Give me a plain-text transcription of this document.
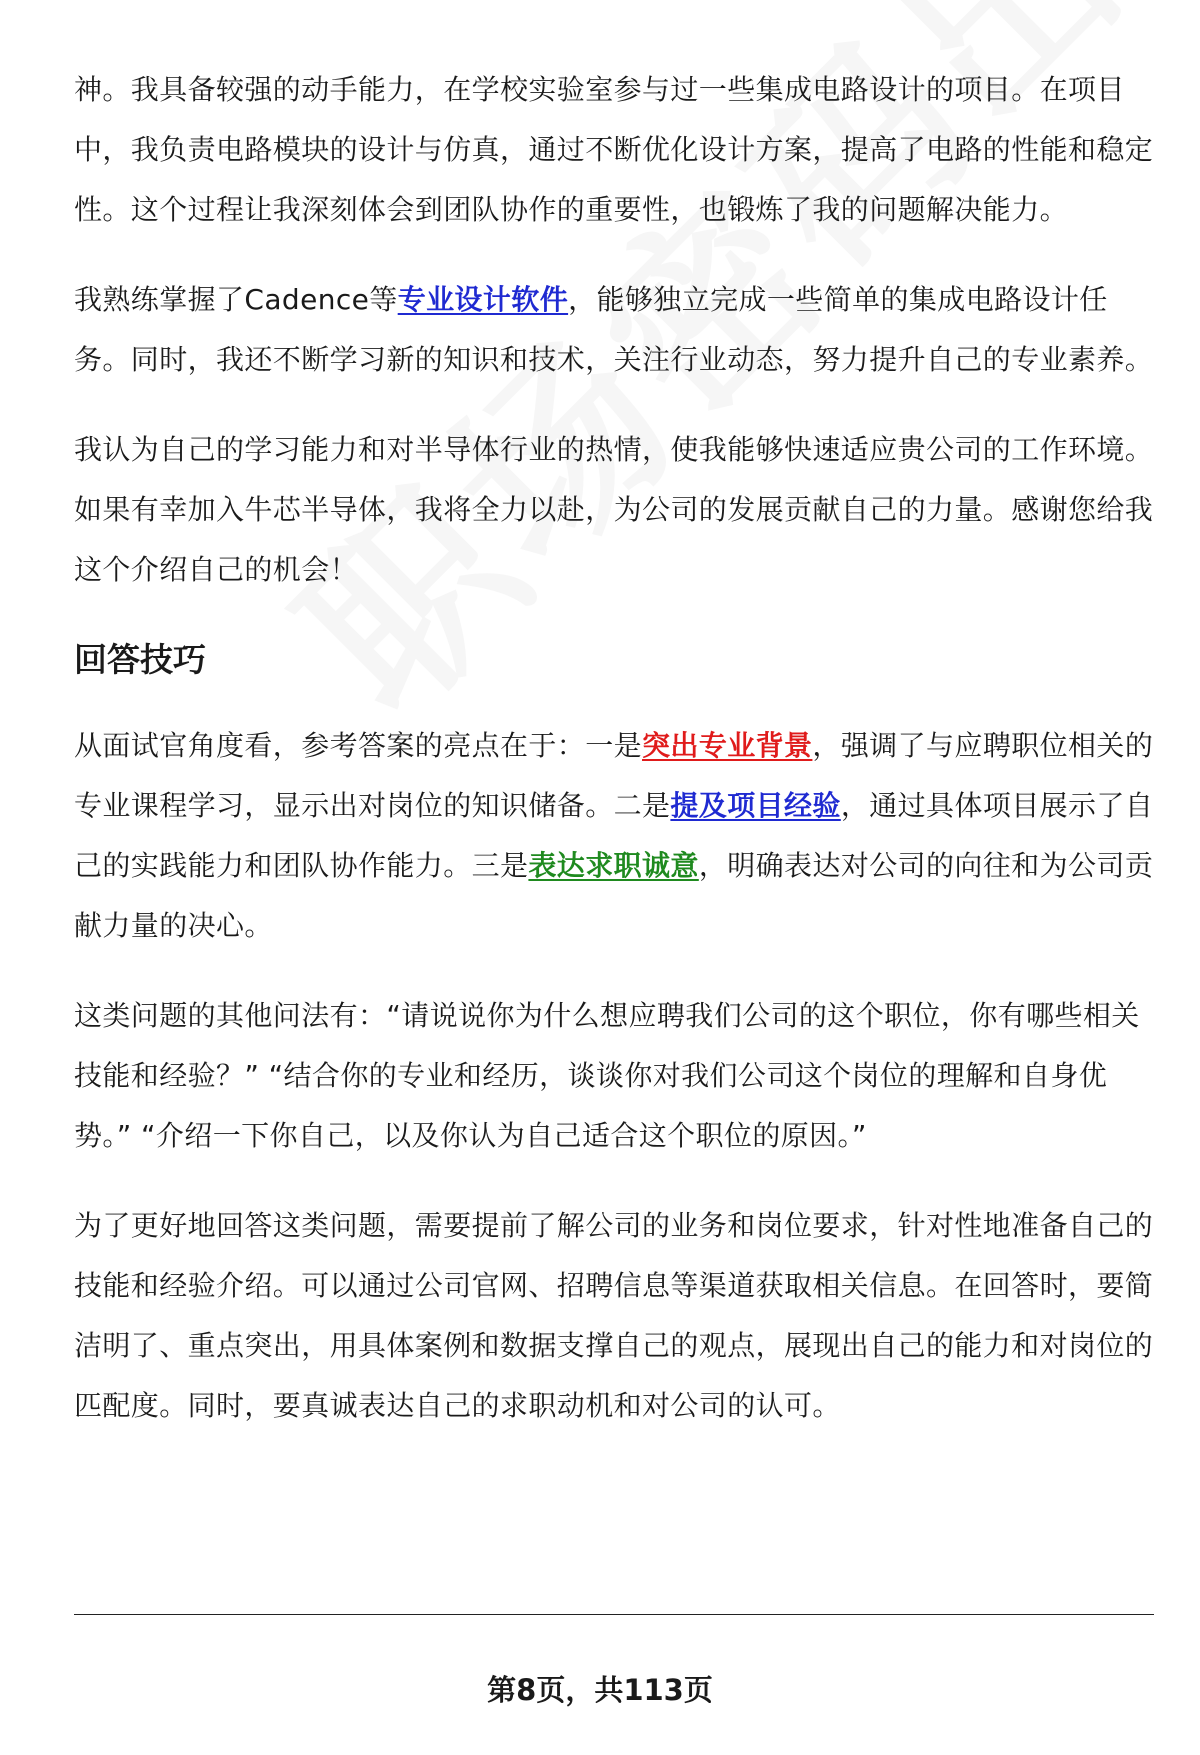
神。我具备较强的动手能力，在学校实验室参与过一些集成电路设计的项目。在项目中，我负责电路模块的设计与仿真，通过不断优化设计方案，提高了电路的性能和稳定性。这个过程让我深刻体会到团队协作的重要性，也锻炼了我的问题解决能力。

我熟练掌握了Cadence等专业设计软件，能够独立完成一些简单的集成电路设计任务。同时，我还不断学习新的知识和技术，关注行业动态，努力提升自己的专业素养。

我认为自己的学习能力和对半导体行业的热情，使我能够快速适应贵公司的工作环境。如果有幸加入牛芯半导体，我将全力以赴，为公司的发展贡献自己的力量。感谢您给我这个介绍自己的机会！

回答技巧

从面试官角度看，参考答案的亮点在于：一是突出专业背景，强调了与应聘职位相关的专业课程学习，显示出对岗位的知识储备。二是提及项目经验，通过具体项目展示了自己的实践能力和团队协作能力。三是表达求职诚意，明确表达对公司的向往和为公司贡献力量的决心。

这类问题的其他问法有：“请说说你为什么想应聘我们公司的这个职位，你有哪些相关技能和经验？” “结合你的专业和经历，谈谈你对我们公司这个岗位的理解和自身优势。” “介绍一下你自己，以及你认为自己适合这个职位的原因。”

为了更好地回答这类问题，需要提前了解公司的业务和岗位要求，针对性地准备自己的技能和经验介绍。可以通过公司官网、招聘信息等渠道获取相关信息。在回答时，要简洁明了、重点突出，用具体案例和数据支撑自己的观点，展现出自己的能力和对岗位的匹配度。同时，要真诚表达自己的求职动机和对公司的认可。

第8页，共113页
